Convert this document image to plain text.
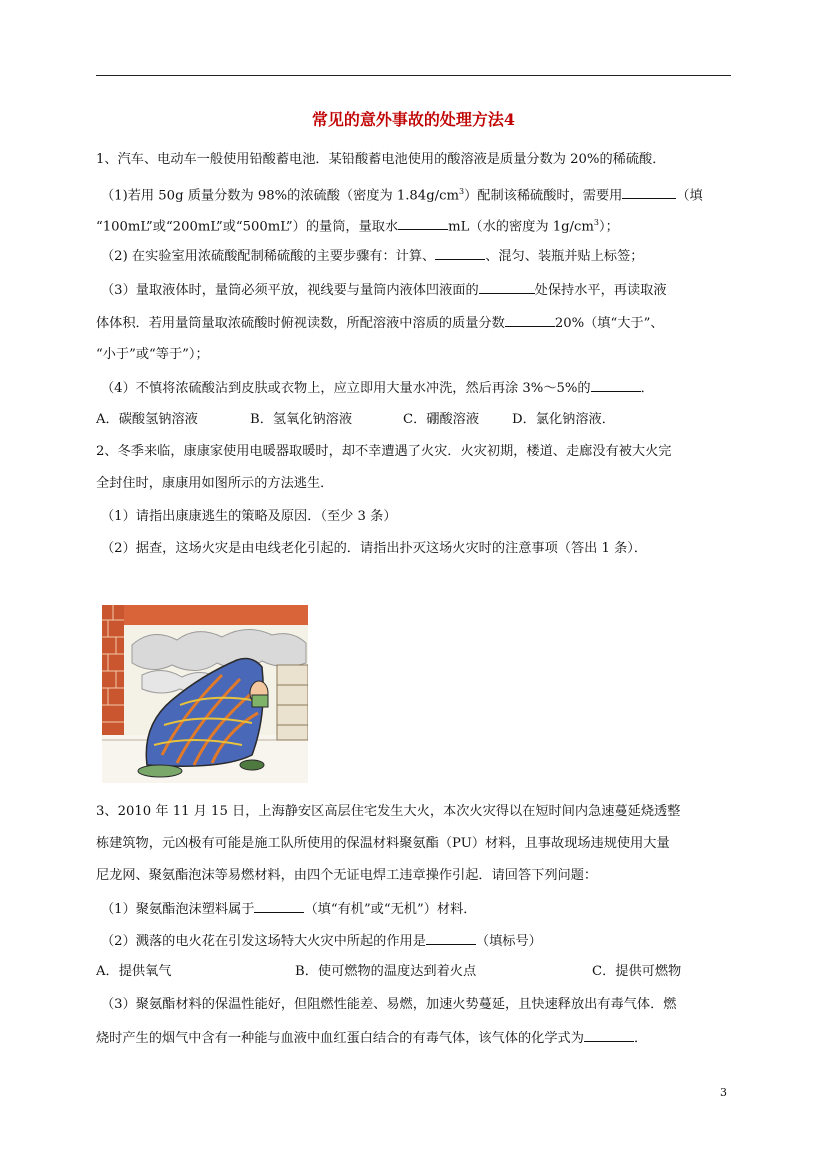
常见的意外事故的处理方法4
1、汽车、电动车一般使用铅酸蓄电池．某铅酸蓄电池使用的酸溶液是质量分数为 20%的稀硫酸．
（1)若用 50g 质量分数为 98%的浓硫酸（密度为 $1.84g/cm^3$）配制该稀硫酸时，需要用	（填
“100mL”或“200mL”或“500mL”）的量筒，量取水	mL（水的密度为 $1g/cm^3$）；
（2) 在实验室用浓硫酸配制稀硫酸的主要步骤有：计算、	、混匀、装瓶并贴上标签；
（3）量取液体时，量筒必须平放，视线要与量筒内液体凹液面的	处保持水平，再读取液
体体积．若用量筒量取浓硫酸时俯视读数，所配溶液中溶质的质量分数	20%（填“大于”、
“小于”或“等于”）；
（4）不慎将浓硫酸沾到皮肤或衣物上，应立即用大量水冲洗，然后再涂 3%～5%的	．
A．碳酸氢钠溶液	B．氢氧化钠溶液	C．硼酸溶液 D．氯化钠溶液．
2、冬季来临，康康家使用电暖器取暖时，却不幸遭遇了火灾．火灾初期，楼道、走廊没有被大火完
全封住时，康康用如图所示的方法逃生．
（1）请指出康康逃生的策略及原因．（至少 3 条）
（2）据查，这场火灾是由电线老化引起的．请指出扑灭这场火灾时的注意事项（答出 1 条）．
3、2010 年 11 月 15 日，上海静安区高层住宅发生大火，本次火灾得以在短时间内急速蔓延烧透整
栋建筑物，元凶极有可能是施工队所使用的保温材料聚氨酯（PU）材料，且事故现场违规使用大量
尼龙网、聚氨酯泡沫等易燃材料，由四个无证电焊工违章操作引起．请回答下列问题：
（1）聚氨酯泡沫塑料属于	（填“有机”或“无机”）材料．
（2）溅落的电火花在引发这场特大火灾中所起的作用是	（填标号）
A．提供氧气	B．使可燃物的温度达到着火点	C．提供可燃物
（3）聚氨酯材料的保温性能好，但阻燃性能差、易燃，加速火势蔓延，且快速释放出有毒气体．燃
烧时产生的烟气中含有一种能与血液中血红蛋白结合的有毒气体，该气体的化学式为	．
3
